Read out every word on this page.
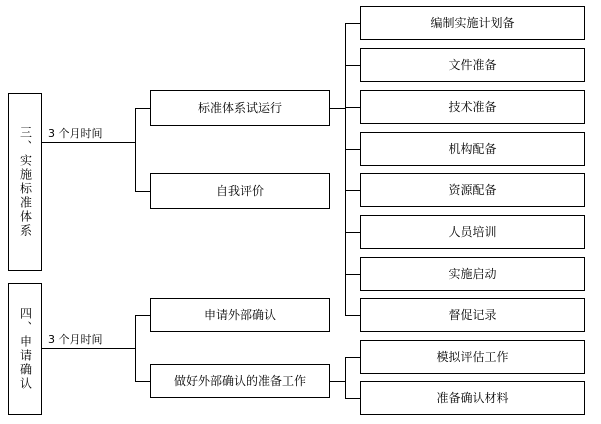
三、实施标准体系
四、申请确认
3 个月时间
3 个月时间
标准体系试运行
自我评价
编制实施计划备
文件准备
技术准备
机构配备
资源配备
人员培训
实施启动
督促记录
申请外部确认
做好外部确认的准备工作
模拟评估工作
准备确认材料
